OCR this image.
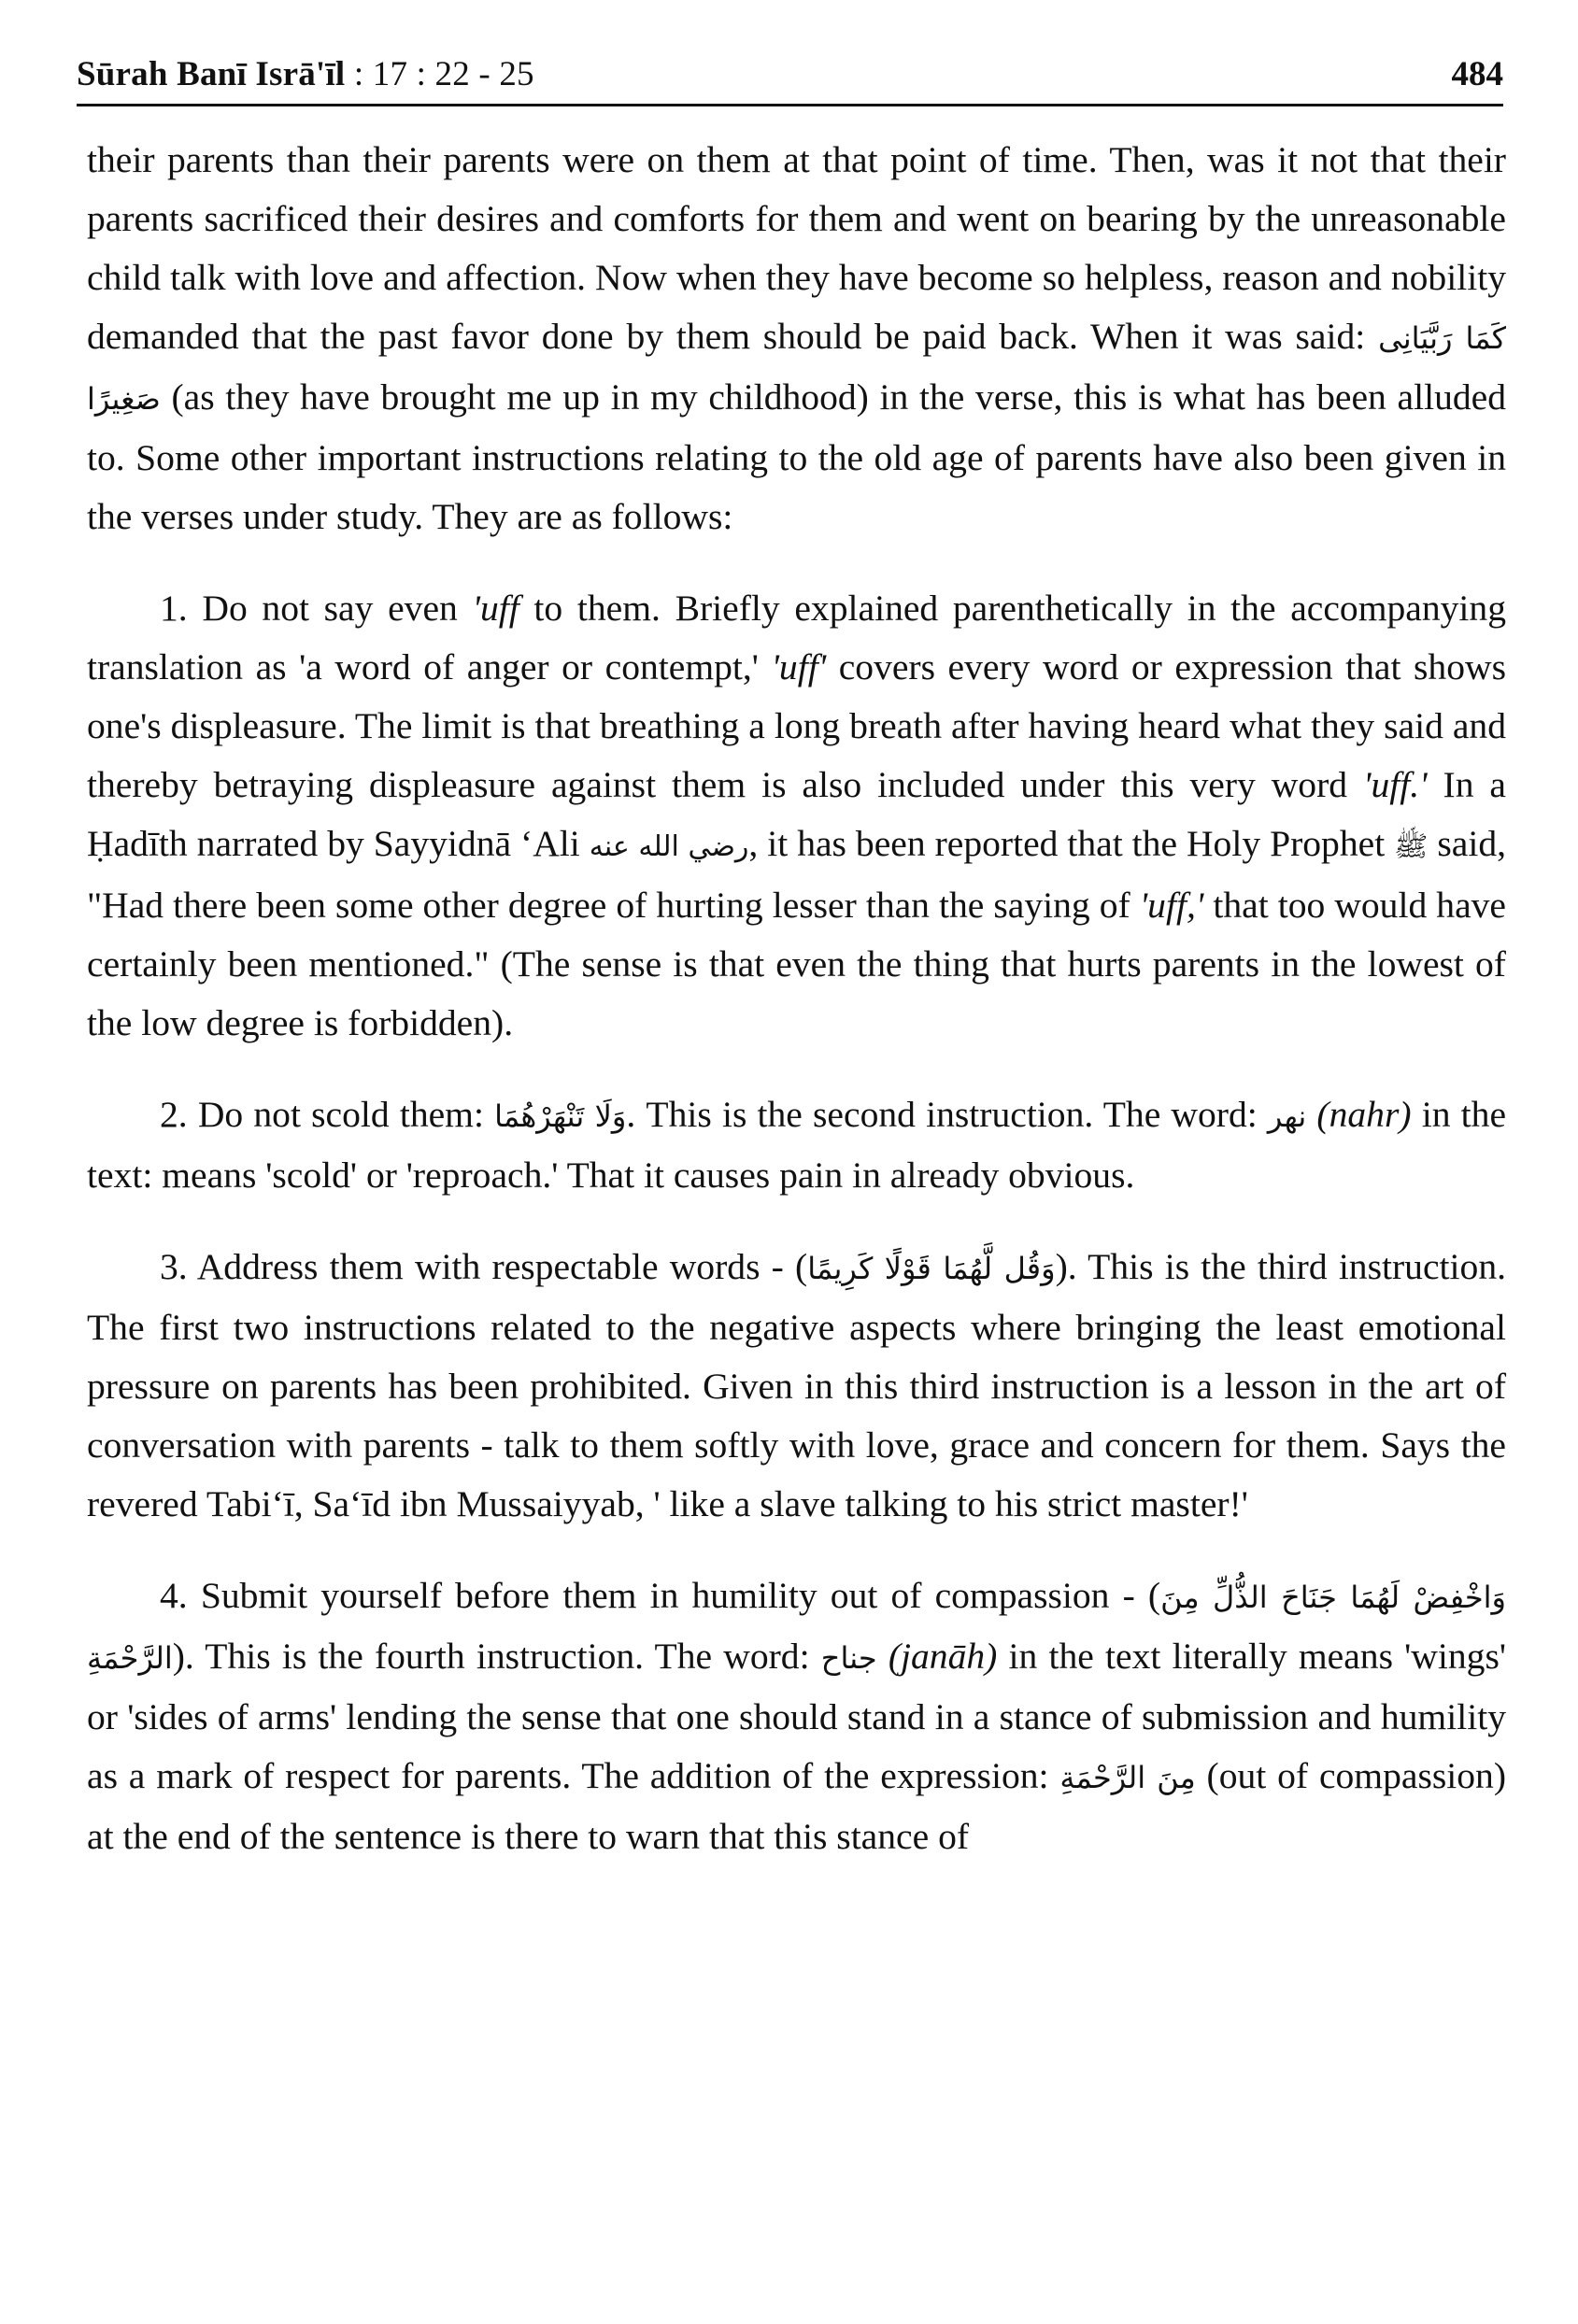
Sūrah Banī Isrā'īl : 17 : 22 - 25	484

their parents than their parents were on them at that point of time. Then, was it not that their parents sacrificed their desires and comforts for them and went on bearing by the unreasonable child talk with love and affection. Now when they have become so helpless, reason and nobility demanded that the past favor done by them should be paid back. When it was said: كَمَا رَبَّيَانِى صَغِيرًا (as they have brought me up in my childhood) in the verse, this is what has been alluded to. Some other important instructions relating to the old age of parents have also been given in the verses under study. They are as follows:

1. Do not say even 'uff to them. Briefly explained parenthetically in the accompanying translation as 'a word of anger or contempt,' 'uff' covers every word or expression that shows one's displeasure. The limit is that breathing a long breath after having heard what they said and thereby betraying displeasure against them is also included under this very word 'uff.' In a Ḥadīth narrated by Sayyidnā ‘Ali رضي الله عنه, it has been reported that the Holy Prophet ﷺ said, "Had there been some other degree of hurting lesser than the saying of 'uff,' that too would have certainly been mentioned." (The sense is that even the thing that hurts parents in the lowest of the low degree is forbidden).

2. Do not scold them: وَلَا تَنْهَرْهُمَا. This is the second instruction. The word: نهر (nahr) in the text: means 'scold' or 'reproach.' That it causes pain in already obvious.

3. Address them with respectable words - (وَقُل لَّهُمَا قَوْلًا كَرِيمًا). This is the third instruction. The first two instructions related to the negative aspects where bringing the least emotional pressure on parents has been prohibited. Given in this third instruction is a lesson in the art of conversation with parents - talk to them softly with love, grace and concern for them. Says the revered Tabi‘ī, Sa‘īd ibn Mussaiyyab, ' like a slave talking to his strict master!'

4. Submit yourself before them in humility out of compassion - (وَاخْفِضْ لَهُمَا جَنَاحَ الذُّلِّ مِنَ الرَّحْمَةِ). This is the fourth instruction. The word: جناح (janāh) in the text literally means 'wings' or 'sides of arms' lending the sense that one should stand in a stance of submission and humility as a mark of respect for parents. The addition of the expression: مِنَ الرَّحْمَةِ (out of compassion) at the end of the sentence is there to warn that this stance of
